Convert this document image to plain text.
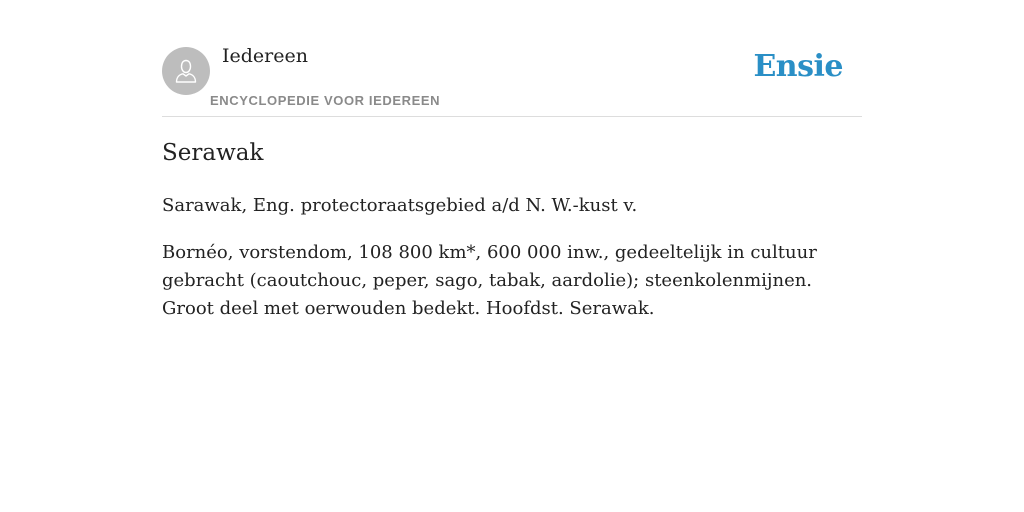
Iedereen
ENCYCLOPEDIE VOOR IEDEREEN
Ensie
Serawak

Sarawak, Eng. protectoraatsgebied a/d N. W.-kust v.

Bornéo, vorstendom, 108 800 km*, 600 000 inw., gedeeltelijk in cultuur gebracht (caoutchouc, peper, sago, tabak, aardolie); steenkolenmijnen. Groot deel met oerwouden bedekt. Hoofdst. Serawak.
